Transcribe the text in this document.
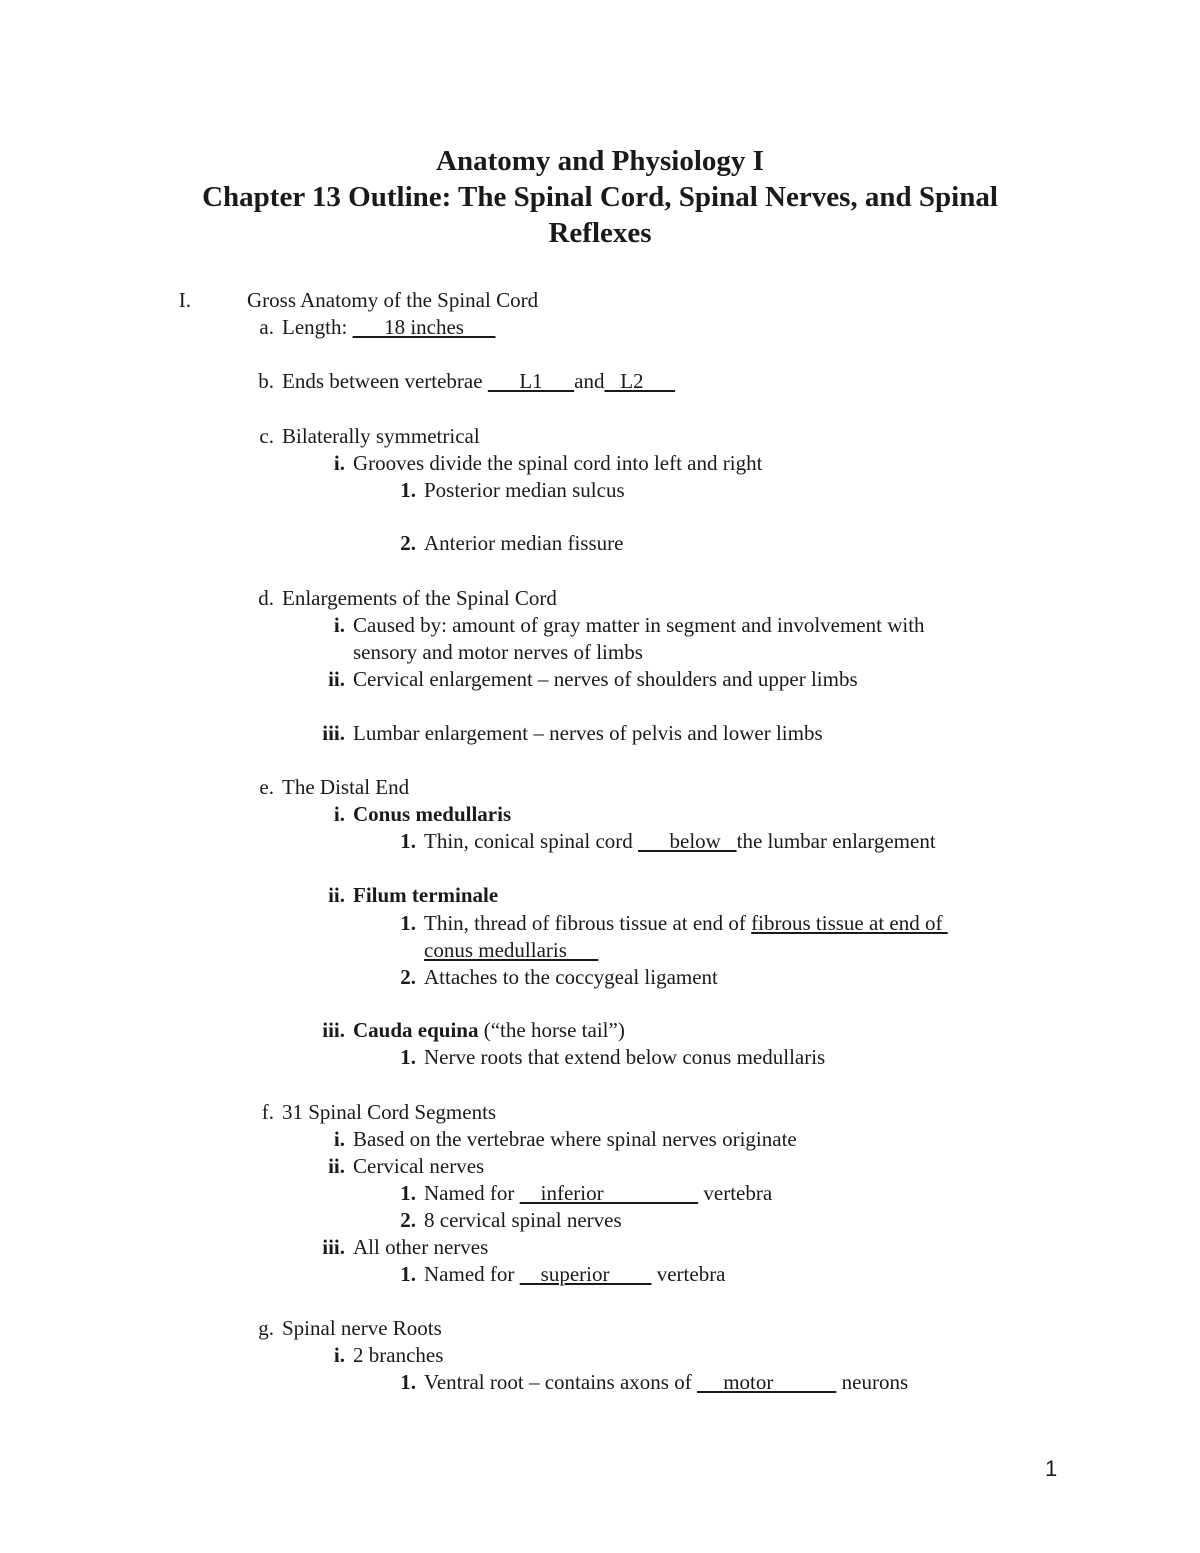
Anatomy and Physiology I
Chapter 13 Outline: The Spinal Cord, Spinal Nerves, and Spinal
Reflexes
I.	Gross Anatomy of the Spinal Cord
a. Length:       18 inches
b. Ends between vertebrae       L1      and   L2
c. Bilaterally symmetrical
i. Grooves divide the spinal cord into left and right
1. Posterior median sulcus
2. Anterior median fissure
d. Enlargements of the Spinal Cord
i. Caused by: amount of gray matter in segment and involvement with
sensory and motor nerves of limbs
ii. Cervical enlargement – nerves of shoulders and upper limbs
iii. Lumbar enlargement – nerves of pelvis and lower limbs
e. The Distal End
i. Conus medullaris
1. Thin, conical spinal cord       below   the lumbar enlargement
ii. Filum terminale
1. Thin, thread of fibrous tissue at end of fibrous tissue at end of
conus medullaris
2. Attaches to the coccygeal ligament
iii. Cauda equina (“the horse tail”)
1. Nerve roots that extend below conus medullaris
f. 31 Spinal Cord Segments
i. Based on the vertebrae where spinal nerves originate
ii. Cervical nerves
1. Named for     inferior                   vertebra
2. 8 cervical spinal nerves
iii. All other nerves
1. Named for     superior         vertebra
g. Spinal nerve Roots
i. 2 branches
1. Ventral root – contains axons of      motor             neurons
1
